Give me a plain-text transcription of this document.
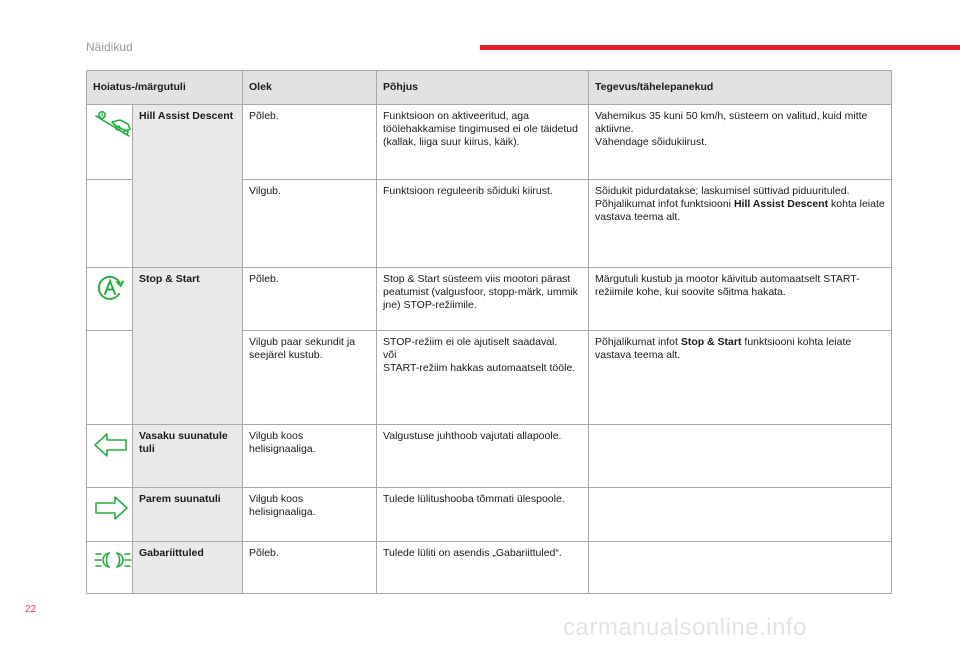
Näidikud
Hoiatus-/märgutuli		Olek	Põhjus	Tegevus/tähelepanekud

A	Hill Assist Descent	Põleb.	Funktsioon on aktiveeritud, aga töölehakkamise tingimused ei ole täidetud (kallak, liiga suur kiirus, käik).	Vahemikus 35 kuni 50 km/h, süsteem on valitud, kuid mitte aktiivne.
Vähendage sõidukiirust.
		Vilgub.	Funktsioon reguleerib sõiduki kiirust.	Sõidukit pidurdatakse; laskumisel süttivad piduurituled. Põhjalikumat infot funktsiooni Hill Assist Descent kohta leiate vastava teema alt.

	Stop & Start	Põleb.	Stop & Start süsteem viis mootori pärast peatumist (valgusfoor, stopp-märk, ummik jne) STOP-režiimile.	Märgutuli kustub ja mootor käivitub automaatselt START-režiimile kohe, kui soovite sõitma hakata.
		Vilgub paar sekundit ja seejärel kustub.	STOP-režiim ei ole ajutiselt saadaval.
või
START-režiim hakkas automaatselt tööle.	Põhjalikumat infot Stop & Start funktsiooni kohta leiate vastava teema alt.

	Vasaku suunatule tuli	Vilgub koos helisignaaliga.	Valgustuse juhthoob vajutati allapoole.	

	Parem suunatuli	Vilgub koos helisignaaliga.	Tulede lülitushooba tõmmati ülespoole.	

	Gabariittuled	Põleb.	Tulede lüliti on asendis „Gabariittuled“.	
22
carmanualsonline.info
